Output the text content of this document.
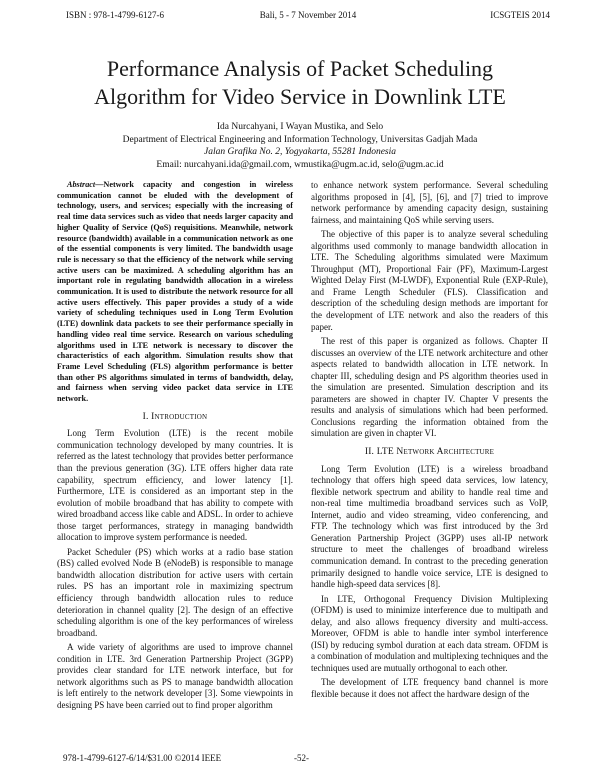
ISBN : 978-1-4799-6127-6	Bali, 5 - 7 November 2014	ICSGTEIS 2014
Performance Analysis of Packet Scheduling
Algorithm for Video Service in Downlink LTE
Ida Nurcahyani, I Wayan Mustika, and Selo
Department of Electrical Engineering and Information Technology, Universitas Gadjah Mada
Jalan Grafika No. 2, Yogyakarta, 55281 Indonesia
Email: nurcahyani.ida@gmail.com, wmustika@ugm.ac.id, selo@ugm.ac.id

Abstract—Network capacity and congestion in wireless communication cannot be eluded with the development of technology, users, and services; especially with the increasing of real time data services such as video that needs larger capacity and higher Quality of Service (QoS) requisitions. Meanwhile, network resource (bandwidth) available in a communication network as one of the essential components is very limited. The bandwidth usage rule is necessary so that the efficiency of the network while serving active users can be maximized. A scheduling algorithm has an important role in regulating bandwidth allocation in a wireless communication. It is used to distribute the network resource for all active users effectively. This paper provides a study of a wide variety of scheduling techniques used in Long Term Evolution (LTE) downlink data packets to see their performance specially in handling video real time service. Research on various scheduling algorithms used in LTE network is necessary to discover the characteristics of each algorithm. Simulation results show that Frame Level Scheduling (FLS) algorithm performance is better than other PS algorithms simulated in terms of bandwidth, delay, and fairness when serving video packet data service in LTE network.

I. Introduction

Long Term Evolution (LTE) is the recent mobile communication technology developed by many countries. It is referred as the latest technology that provides better performance than the previous generation (3G). LTE offers higher data rate capability, spectrum efficiency, and lower latency [1]. Furthermore, LTE is considered as an important step in the evolution of mobile broadband that has ability to compete with wired broadband access like cable and ADSL. In order to achieve those target performances, strategy in managing bandwidth allocation to improve system performance is needed.

Packet Scheduler (PS) which works at a radio base station (BS) called evolved Node B (eNodeB) is responsible to manage bandwidth allocation distribution for active users with certain rules. PS has an important role in maximizing spectrum efficiency through bandwidth allocation rules to reduce deterioration in channel quality [2]. The design of an effective scheduling algorithm is one of the key performances of wireless broadband.

A wide variety of algorithms are used to improve channel condition in LTE. 3rd Generation Partnership Project (3GPP) provides clear standard for LTE network interface, but for network algorithms such as PS to manage bandwidth allocation is left entirely to the network developer [3]. Some viewpoints in designing PS have been carried out to find proper algorithm

to enhance network system performance. Several scheduling algorithms proposed in [4], [5], [6], and [7] tried to improve network performance by amending capacity design, sustaining fairness, and maintaining QoS while serving users.

The objective of this paper is to analyze several scheduling algorithms used commonly to manage bandwidth allocation in LTE. The Scheduling algorithms simulated were Maximum Throughput (MT), Proportional Fair (PF), Maximum-Largest Wighted Delay First (M-LWDF), Exponential Rule (EXP-Rule), and Frame Length Scheduler (FLS). Classification and description of the scheduling design methods are important for the development of LTE network and also the readers of this paper.

The rest of this paper is organized as follows. Chapter II discusses an overview of the LTE network architecture and other aspects related to bandwidth allocation in LTE network. In chapter III, scheduling design and PS algorithm theories used in the simulation are presented. Simulation description and its parameters are showed in chapter IV. Chapter V presents the results and analysis of simulations which had been performed. Conclusions regarding the information obtained from the simulation are given in chapter VI.

II. LTE Network Architecture

Long Term Evolution (LTE) is a wireless broadband technology that offers high speed data services, low latency, flexible network spectrum and ability to handle real time and non-real time multimedia broadband services such as VoIP, Internet, audio and video streaming, video conferencing, and FTP. The technology which was first introduced by the 3rd Generation Partnership Project (3GPP) uses all-IP network structure to meet the challenges of broadband wireless communication demand. In contrast to the preceding generation primarily designed to handle voice service, LTE is designed to handle high-speed data services [8].

In LTE, Orthogonal Frequency Division Multiplexing (OFDM) is used to minimize interference due to multipath and delay, and also allows frequency diversity and multi-access. Moreover, OFDM is able to handle inter symbol interference (ISI) by reducing symbol duration at each data stream. OFDM is a combination of modulation and multiplexing techniques and the techniques used are mutually orthogonal to each other.

The development of LTE frequency band channel is more flexible because it does not affect the hardware design of the

978-1-4799-6127-6/14/$31.00 ©2014 IEEE	-52-
